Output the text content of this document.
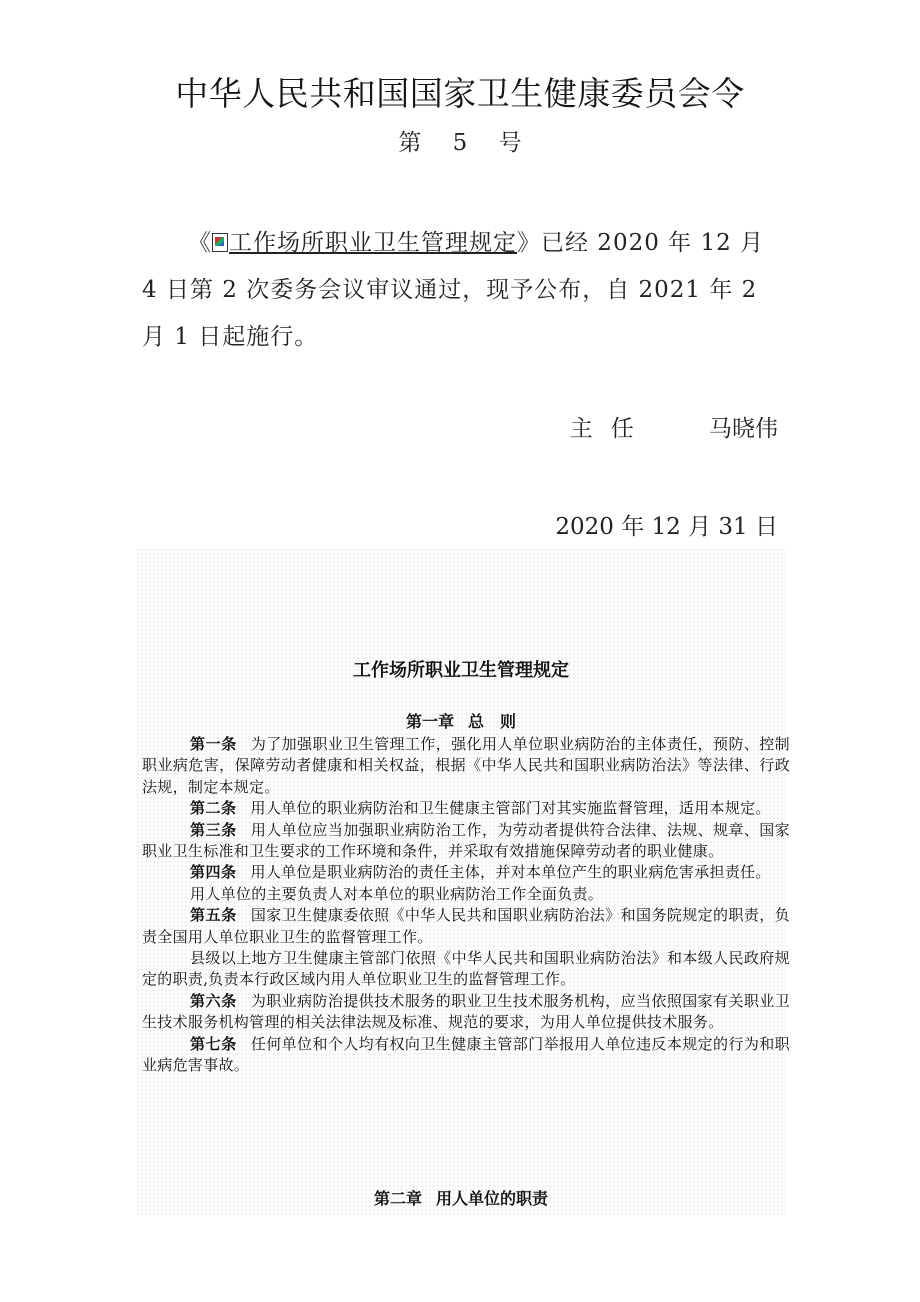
中华人民共和国国家卫生健康委员会令

第 5 号

《 工作场所职业卫生管理规定》已经 2020 年 12 月 4 日第 2 次委务会议审议通过，现予公布，自 2021 年 2 月 1 日起施行。

主任 马晓伟
2020 年 12 月 31 日
工作场所职业卫生管理规定

第一章 总　则

第一条 为了加强职业卫生管理工作，强化用人单位职业病防治的主体责任，预防、控制职业病危害，保障劳动者健康和相关权益，根据《中华人民共和国职业病防治法》等法律、行政法规，制定本规定。

第二条 用人单位的职业病防治和卫生健康主管部门对其实施监督管理，适用本规定。

第三条 用人单位应当加强职业病防治工作，为劳动者提供符合法律、法规、规章、国家职业卫生标准和卫生要求的工作环境和条件，并采取有效措施保障劳动者的职业健康。

第四条 用人单位是职业病防治的责任主体，并对本单位产生的职业病危害承担责任。

用人单位的主要负责人对本单位的职业病防治工作全面负责。

第五条 国家卫生健康委依照《中华人民共和国职业病防治法》和国务院规定的职责，负责全国用人单位职业卫生的监督管理工作。

县级以上地方卫生健康主管部门依照《中华人民共和国职业病防治法》和本级人民政府规定的职责,负责本行政区域内用人单位职业卫生的监督管理工作。

第六条 为职业病防治提供技术服务的职业卫生技术服务机构，应当依照国家有关职业卫生技术服务机构管理的相关法律法规及标准、规范的要求，为用人单位提供技术服务。

第七条 任何单位和个人均有权向卫生健康主管部门举报用人单位违反本规定的行为和职业病危害事故。

第二章 用人单位的职责
